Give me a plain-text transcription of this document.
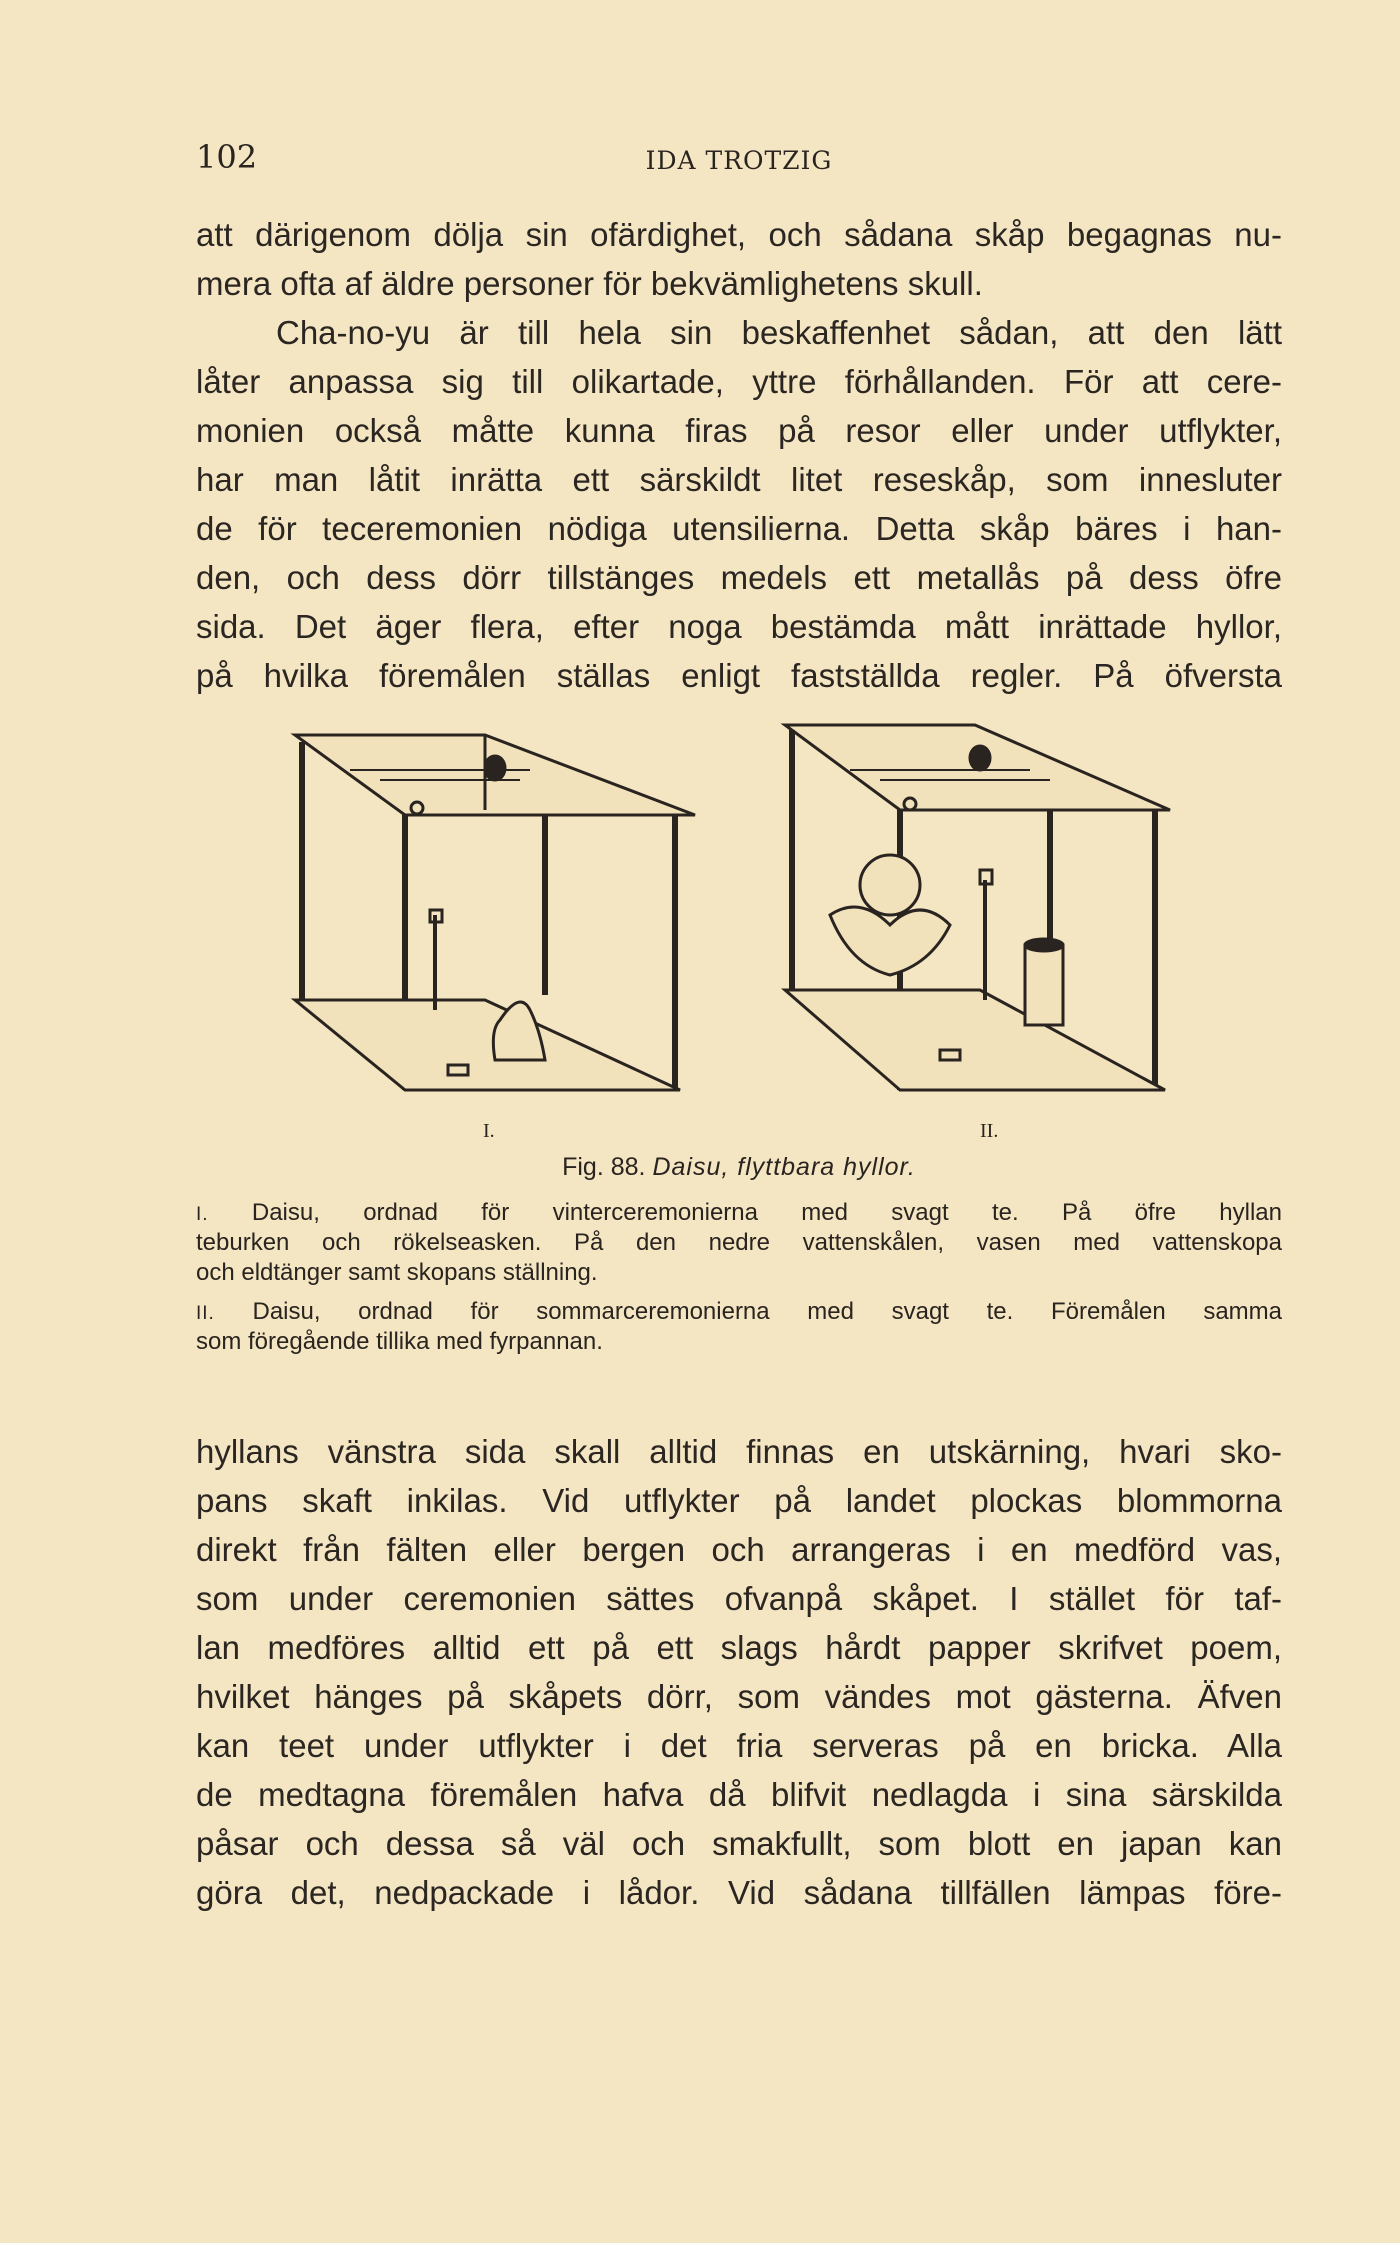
102	IDA TROTZIG
att därigenom dölja sin ofärdighet, och sådana skåp begagnas nu-
mera ofta af äldre personer för bekvämlighetens skull.
Cha-no-yu är till hela sin beskaffenhet sådan, att den lätt
låter anpassa sig till olikartade, yttre förhållanden. För att cere-
monien också måtte kunna firas på resor eller under utflykter,
har man låtit inrätta ett särskildt litet reseskåp, som innesluter
de för teceremonien nödiga utensilierna. Detta skåp bäres i han-
den, och dess dörr tillstänges medels ett metallås på dess öfre
sida. Det äger flera, efter noga bestämda mått inrättade hyllor,
på hvilka föremålen ställas enligt fastställda regler. På öfversta
I.	II.
Fig. 88. Daisu, flyttbara hyllor.
I. Daisu, ordnad för vinterceremonierna med svagt te. På öfre hyllan
teburken och rökelseasken. På den nedre vattenskålen, vasen med vattenskopa
och eldtänger samt skopans ställning.
II. Daisu, ordnad för sommarceremonierna med svagt te. Föremålen samma
som föregående tillika med fyrpannan.
hyllans vänstra sida skall alltid finnas en utskärning, hvari sko-
pans skaft inkilas. Vid utflykter på landet plockas blommorna
direkt från fälten eller bergen och arrangeras i en medförd vas,
som under ceremonien sättes ofvanpå skåpet. I stället för taf-
lan medföres alltid ett på ett slags hårdt papper skrifvet poem,
hvilket hänges på skåpets dörr, som vändes mot gästerna. Äfven
kan teet under utflykter i det fria serveras på en bricka. Alla
de medtagna föremålen hafva då blifvit nedlagda i sina särskilda
påsar och dessa så väl och smakfullt, som blott en japan kan
göra det, nedpackade i lådor. Vid sådana tillfällen lämpas före-
